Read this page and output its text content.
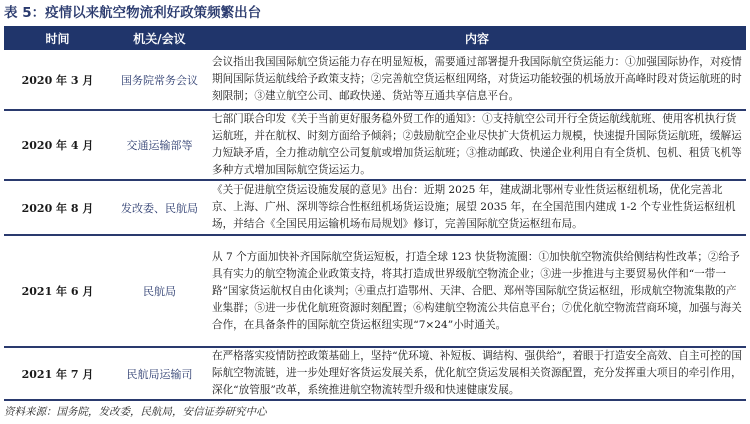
表 5：疫情以来航空物流利好政策频繁出台
时间	机关/会议	内容
2020 年 3 月	国务院常务会议	会议指出我国国际航空货运能力存在明显短板，需要通过部署提升我国际航空货运能力：①加强国际协作，对疫情期间国际货运航线给予政策支持；②完善航空货运枢纽网络，对货运功能较强的机场放开高峰时段对货运航班的时刻限制；③建立航空公司、邮政快递、货站等互通共享信息平台。
2020 年 4 月	交通运输部等	七部门联合印发《关于当前更好服务稳外贸工作的通知》：①支持航空公司开行全货运航线航班、使用客机执行货运航班，并在航权、时刻方面给予倾斜；②鼓励航空企业尽快扩大货机运力规模，快速提升国际货运航班，缓解运力短缺矛盾，全力推动航空公司复航或增加货运航班；③推动邮政、快递企业利用自有全货机、包机、租赁飞机等多种方式增加国际航空货运运力。
2020 年 8 月	发改委、民航局	《关于促进航空货运设施发展的意见》出台：近期 2025 年，建成湖北鄂州专业性货运枢纽机场，优化完善北京、上海、广州、深圳等综合性枢纽机场货运设施；展望 2035 年，在全国范围内建成 1-2 个专业性货运枢纽机场，并结合《全国民用运输机场布局规划》修订，完善国际航空货运枢纽布局。
2021 年 6 月	民航局	从 7 个方面加快补齐国际航空货运短板，打造全球 123 快货物流圈：①加快航空物流供给侧结构性改革；②给予具有实力的航空物流企业政策支持，将其打造成世界级航空物流企业；③进一步推进与主要贸易伙伴和“一带一路”国家货运航权自由化谈判；④重点打造鄂州、天津、合肥、郑州等国际航空货运枢纽，形成航空物流集散的产业集群；⑤进一步优化航班资源时刻配置；⑥构建航空物流公共信息平台；⑦优化航空物流营商环境，加强与海关合作，在具备条件的国际航空货运枢纽实现“7×24”小时通关。
2021 年 7 月	民航局运输司	在严格落实疫情防控政策基础上，坚持“优环境、补短板、调结构、强供给”，着眼于打造安全高效、自主可控的国际航空物流链，进一步处理好客货运发展关系，优化航空货运发展相关资源配置，充分发挥重大项目的牵引作用，深化“放管服”改革，系统推进航空物流转型升级和快速健康发展。
资料来源：国务院，发改委，民航局，安信证券研究中心
